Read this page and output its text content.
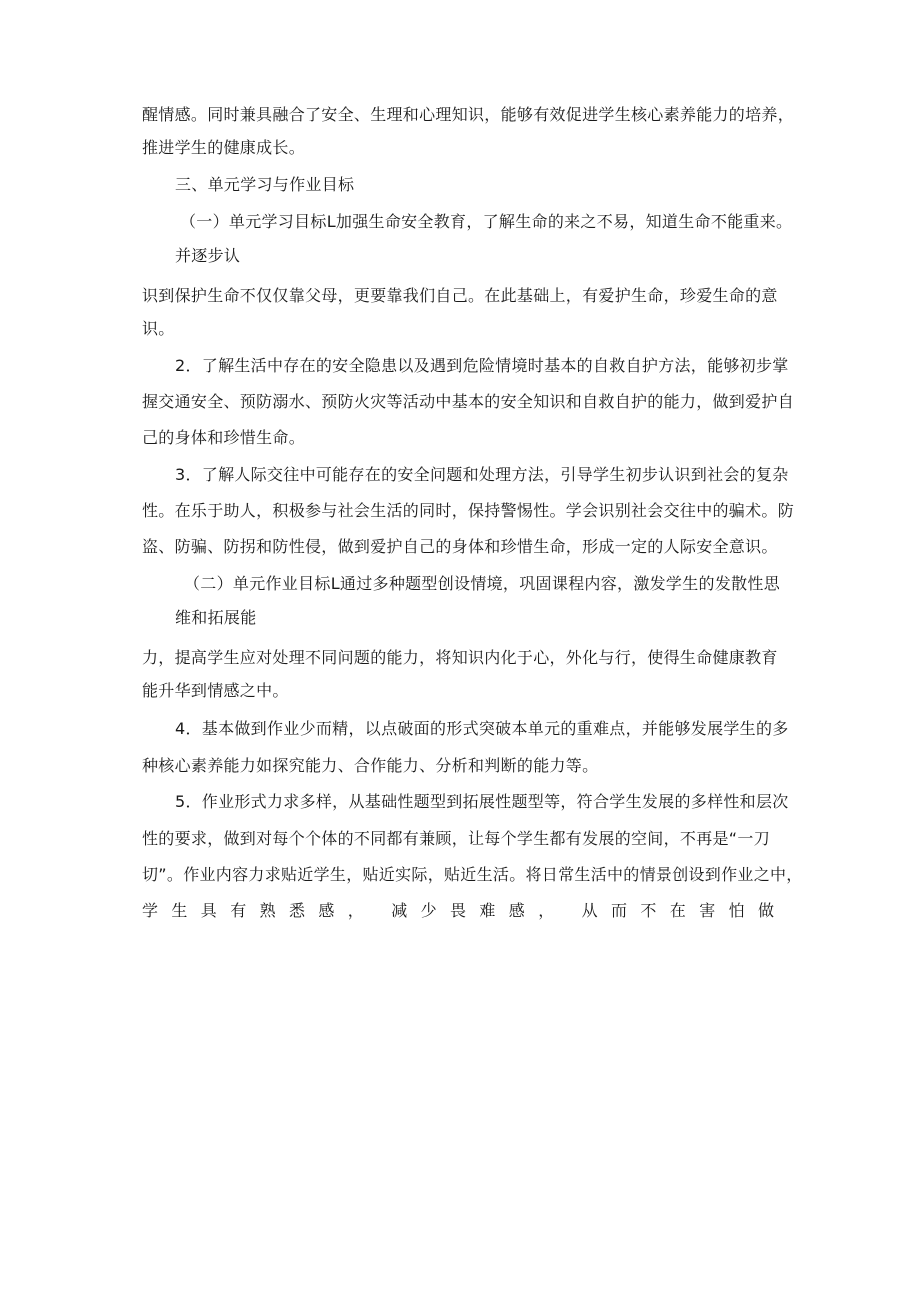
醒情感。同时兼具融合了安全、生理和心理知识，能够有效促进学生核心素养能力的培养，
推进学生的健康成长。
三、单元学习与作业目标
（一）单元学习目标L加强生命安全教育，了解生命的来之不易，知道生命不能重来。
并逐步认
识到保护生命不仅仅靠父母，更要靠我们自己。在此基础上，有爱护生命，珍爱生命的意
识。
2．了解生活中存在的安全隐患以及遇到危险情境时基本的自救自护方法，能够初步掌
握交通安全、预防溺水、预防火灾等活动中基本的安全知识和自救自护的能力，做到爱护自
己的身体和珍惜生命。
3．了解人际交往中可能存在的安全问题和处理方法，引导学生初步认识到社会的复杂
性。在乐于助人，积极参与社会生活的同时，保持警惕性。学会识别社会交往中的骗术。防
盗、防骗、防拐和防性侵，做到爱护自己的身体和珍惜生命，形成一定的人际安全意识。
（二）单元作业目标L通过多种题型创设情境，巩固课程内容，激发学生的发散性思
维和拓展能
力，提高学生应对处理不同问题的能力，将知识内化于心，外化与行，使得生命健康教育
能升华到情感之中。
4．基本做到作业少而精，以点破面的形式突破本单元的重难点，并能够发展学生的多
种核心素养能力如探究能力、合作能力、分析和判断的能力等。
5．作业形式力求多样，从基础性题型到拓展性题型等，符合学生发展的多样性和层次
性的要求，做到对每个个体的不同都有兼顾，让每个学生都有发展的空间，不再是“一刀
切”。作业内容力求贴近学生，贴近实际，贴近生活。将日常生活中的情景创设到作业之中，
学生具有熟悉感， 减少畏难感， 从而不在害怕做
